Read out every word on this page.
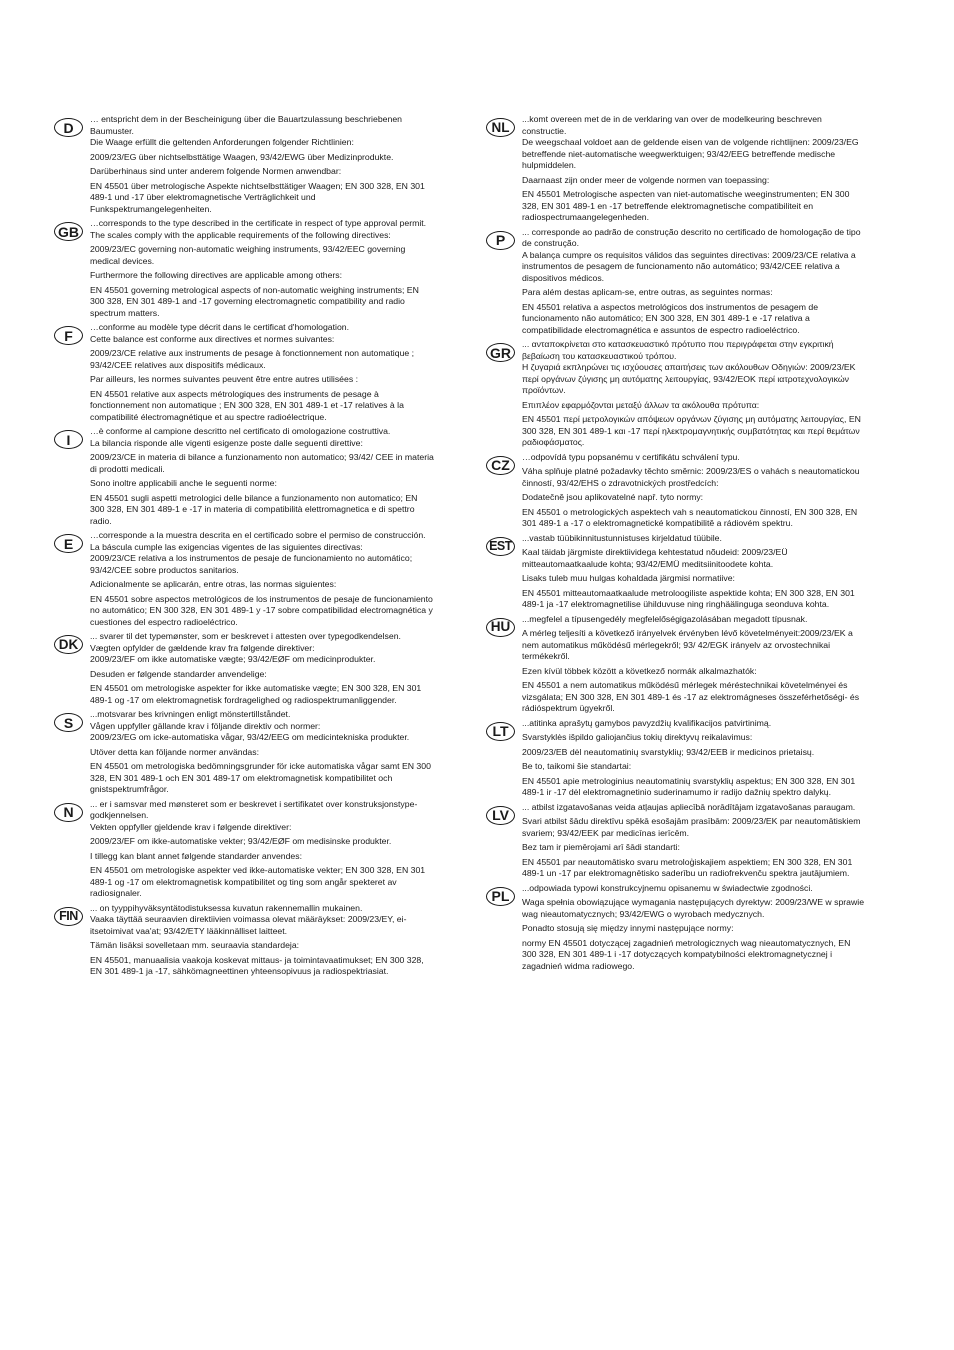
D

… entspricht dem in der Bescheinigung über die Bauartzulassung beschriebenen Baumuster.

Die Waage erfüllt die geltenden Anforderungen folgender Richtlinien:

2009/23/EG über nichtselbsttätige Waagen, 93/42/EWG über Medizinprodukte.

Darüberhinaus sind unter anderem folgende Normen anwendbar:

EN 45501 über metrologische Aspekte nichtselbsttätiger Waagen; EN 300 328, EN 301 489-1 und -17 über elektromagnetische Verträglichkeit und Funkspektrumangelegenheiten.

GB

…corresponds to the type described in the certificate in respect of type approval permit.

The scales comply with the applicable requirements of the following directives:

2009/23/EC governing non-automatic weighing instruments, 93/42/EEC governing medical devices.

Furthermore the following directives are applicable among others:

EN 45501 governing metrological aspects of non-automatic weighing instruments; EN 300 328, EN 301 489-1 and -17 governing electromagnetic compatibility and radio spectrum matters.

F

…conforme au modèle type décrit dans le certificat d'homologation.

Cette balance est conforme aux directives et normes suivantes:

2009/23/CE relative aux instruments de pesage à fonctionnement non automatique ; 93/42/CEE relatives aux dispositifs médicaux.

Par ailleurs, les normes suivantes peuvent être entre autres utilisées :

EN 45501 relative aux aspects métrologiques des instruments de pesage à fonctionnement non automatique ; EN 300 328, EN 301 489-1 et -17 relatives à la compatibilité électromagnétique et au spectre radioélectrique.

I

…è conforme al campione descritto nel certificato di omologazione costruttiva.

La bilancia risponde alle vigenti esigenze poste dalle seguenti direttive:

2009/23/CE in materia di bilance a funzionamento non automatico; 93/42/ CEE in materia di prodotti medicali.

Sono inoltre applicabili anche le seguenti norme:

EN 45501 sugli aspetti metrologici delle bilance a funzionamento non automatico; EN 300 328, EN 301 489-1 e -17 in materia di compatibilità elettromagnetica e di spettro radio.

E

…corresponde a la muestra descrita en el certificado sobre el permiso de construcción.

La báscula cumple las exigencias vigentes de las siguientes directivas:

2009/23/CE relativa a los instrumentos de pesaje de funcionamiento no automático; 93/42/CEE sobre productos sanitarios.

Adicionalmente se aplicarán, entre otras, las normas siguientes:

EN 45501 sobre aspectos metrológicos de los instrumentos de pesaje de funcionamiento no automático; EN 300 328, EN 301 489-1 y -17 sobre compatibilidad electromagnética y cuestiones del espectro radioeléctrico.

DK

... svarer til det typemønster, som er beskrevet i attesten over typegodkendelsen.

Vægten opfylder de gældende krav fra følgende direktiver:

2009/23/EF om ikke automatiske vægte; 93/42/EØF om medicinprodukter.

Desuden er følgende standarder anvendelige:

EN 45501 om metrologiske aspekter for ikke automatiske vægte; EN 300 328, EN 301 489-1 og -17 om elektromagnetisk fordragelighed og radiospektrumanliggender.

S

...motsvarar bes krivningen enligt mönstertillståndet.

Vågen uppfyller gällande krav i följande direktiv och normer:

2009/23/EG om icke-automatiska vågar, 93/42/EEG om medicintekniska produkter.

Utöver detta kan följande normer användas:

EN 45501 om metrologiska bedömningsgrunder för icke automatiska vågar samt EN 300 328, EN 301 489-1 och EN 301 489-17 om elektromagnetisk kompatibilitet och gnistspektrumfrågor.

N

... er i samsvar med mønsteret som er beskrevet i sertifikatet over konstruksjonstype-godkjennelsen.

Vekten oppfyller gjeldende krav i følgende direktiver:

2009/23/EF om ikke-automatiske vekter; 93/42/EØF om medisinske produkter.

I tillegg kan blant annet følgende standarder anvendes:

EN 45501 om metrologiske aspekter ved ikke-automatiske vekter; EN 300 328, EN 301 489-1 og -17 om elektromagnetisk kompatibilitet og ting som angår spekteret av radiosignaler.

FIN

... on tyyppihyväksyntätodistuksessa kuvatun rakennemallin mukainen.

Vaaka täyttää seuraavien direktiivien voimassa olevat määräykset: 2009/23/EY, ei-itsetoimivat vaa'at; 93/42/ETY lääkinnälliset laitteet.

Tämän lisäksi sovelletaan mm. seuraavia standardeja:

EN 45501, manuaalisia vaakoja koskevat mittaus- ja toimintavaatimukset; EN 300 328, EN 301 489-1 ja -17, sähkömagneettinen yhteensopivuus ja radiospektriasiat.

NL

...komt overeen met de in de verklaring van over de modelkeuring beschreven constructie.

De weegschaal voldoet aan de geldende eisen van de volgende richtlijnen: 2009/23/EG betreffende niet-automatische weegwerktuigen; 93/42/EEG betreffende medische hulpmiddelen.

Daarnaast zijn onder meer de volgende normen van toepassing:

EN 45501 Metrologische aspecten van niet-automatische weeginstrumenten; EN 300 328, EN 301 489-1 en -17 betreffende elektromagnetische compatibiliteit en radiospectrumaangelegenheden.

P

... corresponde ao padrão de construção descrito no certificado de homologação de tipo de construção.

A balança cumpre os requisitos válidos das seguintes directivas: 2009/23/CE relativa a instrumentos de pesagem de funcionamento não automático; 93/42/CEE relativa a dispositivos médicos.

Para além destas aplicam-se, entre outras, as seguintes normas:

EN 45501 relativa a aspectos metrológicos dos instrumentos de pesagem de funcionamento não automático; EN 300 328, EN 301 489-1 e -17 relativa a compatibilidade electromagnética e assuntos de espectro radioeléctrico.

GR

... ανταποκρίνεται στο κατασκευαστικό πρότυπο που περιγράφεται στην εγκριτική βεβαίωση του κατασκευαστικού τρόπου.

Η ζυγαριά εκπληρώνει τις ισχύουσες απαιτήσεις των ακόλουθων Οδηγιών: 2009/23/ΕΚ περί οργάνων ζύγισης μη αυτόματης λειτουργίας, 93/42/ΕΟΚ περί ιατροτεχνολογικών προϊόντων.

Επιπλέον εφαρμόζονται μεταξύ άλλων τα ακόλουθα πρότυπα:

EN 45501 περί μετρολογικών απόψεων οργάνων ζύγισης μη αυτόματης λειτουργίας, EN 300 328, EN 301 489-1 και -17 περί ηλεκτρομαγνητικής συμβατότητας και περί θεμάτων ραδιοφάσματος.

CZ

…odpovídá typu popsanému v certifikátu schválení typu.

Váha splňuje platné požadavky těchto směrnic: 2009/23/ES o vahách s neautomatickou činností, 93/42/EHS o zdravotnických prostředcích:

Dodatečně jsou aplikovatelné např. tyto normy:

EN 45501 o metrologických aspektech vah s neautomatickou činností, EN 300 328, EN 301 489-1 a -17 o elektromagnetické kompatibilitě a rádiovém spektru.

EST

...vastab tüübikinnitustunnistuses kirjeldatud tüübile.

Kaal täidab järgmiste direktiividega kehtestatud nõudeid: 2009/23/EÜ mitteautomaatkaalude kohta; 93/42/EMÜ meditsiinitoodete kohta.

Lisaks tuleb muu hulgas kohaldada järgmisi normatiive:

EN 45501 mitteautomaatkaalude metroloogiliste aspektide kohta; EN 300 328, EN 301 489-1 ja -17 elektromagnetilise ühilduvuse ning ringhäälinguga seonduva kohta.

HU

...megfelel a típusengedély megfelelőségigazolásában megadott típusnak.

A mérleg teljesíti a következő irányelvek érvényben lévő követelményeit:2009/23/EK a nem automatikus működésű mérlegekről; 93/ 42/EGK irányelv az orvostechnikai termékekről.

Ezen kívül többek között a következő normák alkalmazhatók:

EN 45501 a nem automatikus működésű mérlegek méréstechnikai követelményei és vizsgálata; EN 300 328, EN 301 489-1 és -17 az elektromágneses összeférhetőségi- és rádióspektrum ügyekről.

LT

...atitinka aprašytų gamybos pavyzdžių kvalifikacijos patvirtinimą.

Svarstyklės išpildo galiojančius tokių direktyvų reikalavimus:

2009/23/EB dėl neautomatinių svarstyklių; 93/42/EEB ir medicinos prietaisų.

Be to, taikomi šie standartai:

EN 45501 apie metrologinius neautomatinių svarstyklių aspektus; EN 300 328, EN 301 489-1 ir -17 dėl elektromagnetinio suderinamumo ir radijo dažnių spektro dalykų.

LV

... atbilst izgatavošanas veida atļaujas apliecībā norādītājam izgatavošanas paraugam.

Svari atbilst šādu direktīvu spēkā esošajām prasībām: 2009/23/EK par neautomātiskiem svariem; 93/42/EEK par medicīnas ierīcēm.

Bez tam ir piemērojami arī šādi standarti:

EN 45501 par neautomātisko svaru metroloģiskajiem aspektiem; EN 300 328, EN 301 489-1 un -17 par elektromagnētisko saderību un radiofrekvenču spektra jautājumiem.

PL

...odpowiada typowi konstrukcyjnemu opisanemu w świadectwie zgodności.

Waga spełnia obowiązujące wymagania następujących dyrektyw: 2009/23/WE w sprawie wag nieautomatycznych; 93/42/EWG o wyrobach medycznych.

Ponadto stosują się między innymi następujące normy:

normy EN 45501 dotyczącej zagadnień metrologicznych wag nieautomatycznych, EN 300 328, EN 301 489-1 i -17 dotyczących kompatybilności elektromagnetycznej i zagadnień widma radiowego.
